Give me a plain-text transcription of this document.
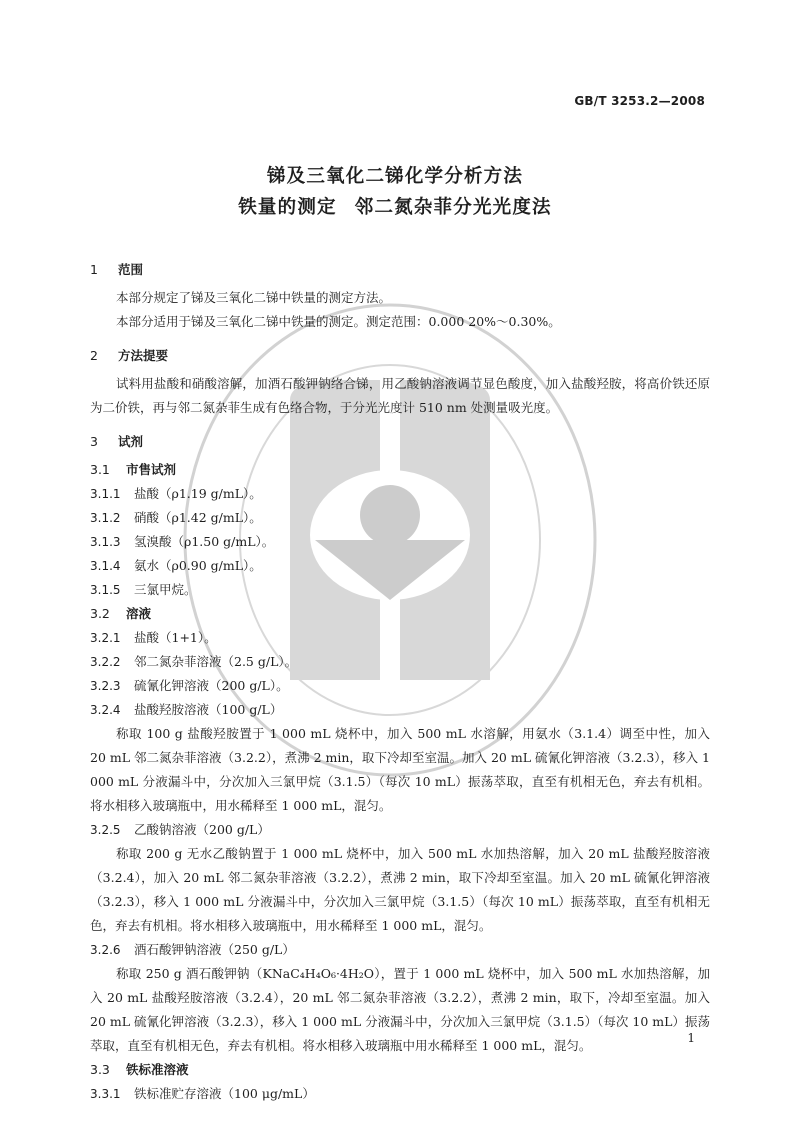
GB/T 3253.2—2008
锑及三氧化二锑化学分析方法
铁量的测定 邻二氮杂菲分光光度法

1 范围

本部分规定了锑及三氧化二锑中铁量的测定方法。

本部分适用于锑及三氧化二锑中铁量的测定。测定范围：0.000 20%～0.30%。

2 方法提要

试料用盐酸和硝酸溶解，加酒石酸钾钠络合锑，用乙酸钠溶液调节显色酸度，加入盐酸羟胺，将高价铁还原为二价铁，再与邻二氮杂菲生成有色络合物，于分光光度计 510 nm 处测量吸光度。

3 试剂

3.1 市售试剂

3.1.1 盐酸（ρ1.19 g/mL）。

3.1.2 硝酸（ρ1.42 g/mL）。

3.1.3 氢溴酸（ρ1.50 g/mL）。

3.1.4 氨水（ρ0.90 g/mL）。

3.1.5 三氯甲烷。

3.2 溶液

3.2.1 盐酸（1+1）。

3.2.2 邻二氮杂菲溶液（2.5 g/L）。

3.2.3 硫氰化钾溶液（200 g/L）。

3.2.4 盐酸羟胺溶液（100 g/L）

称取 100 g 盐酸羟胺置于 1 000 mL 烧杯中，加入 500 mL 水溶解，用氨水（3.1.4）调至中性，加入 20 mL 邻二氮杂菲溶液（3.2.2），煮沸 2 min，取下冷却至室温。加入 20 mL 硫氰化钾溶液（3.2.3），移入 1 000 mL 分液漏斗中，分次加入三氯甲烷（3.1.5）（每次 10 mL）振荡萃取，直至有机相无色，弃去有机相。将水相移入玻璃瓶中，用水稀释至 1 000 mL，混匀。

3.2.5 乙酸钠溶液（200 g/L）

称取 200 g 无水乙酸钠置于 1 000 mL 烧杯中，加入 500 mL 水加热溶解，加入 20 mL 盐酸羟胺溶液（3.2.4），加入 20 mL 邻二氮杂菲溶液（3.2.2），煮沸 2 min，取下冷却至室温。加入 20 mL 硫氰化钾溶液（3.2.3），移入 1 000 mL 分液漏斗中，分次加入三氯甲烷（3.1.5）（每次 10 mL）振荡萃取，直至有机相无色，弃去有机相。将水相移入玻璃瓶中，用水稀释至 1 000 mL，混匀。

3.2.6 酒石酸钾钠溶液（250 g/L）

称取 250 g 酒石酸钾钠（KNaC₄H₄O₆·4H₂O），置于 1 000 mL 烧杯中，加入 500 mL 水加热溶解，加入 20 mL 盐酸羟胺溶液（3.2.4），20 mL 邻二氮杂菲溶液（3.2.2），煮沸 2 min，取下，冷却至室温。加入 20 mL 硫氰化钾溶液（3.2.3），移入 1 000 mL 分液漏斗中，分次加入三氯甲烷（3.1.5）（每次 10 mL）振荡萃取，直至有机相无色，弃去有机相。将水相移入玻璃瓶中用水稀释至 1 000 mL，混匀。

3.3 铁标准溶液

3.3.1 铁标准贮存溶液（100 μg/mL）

1
